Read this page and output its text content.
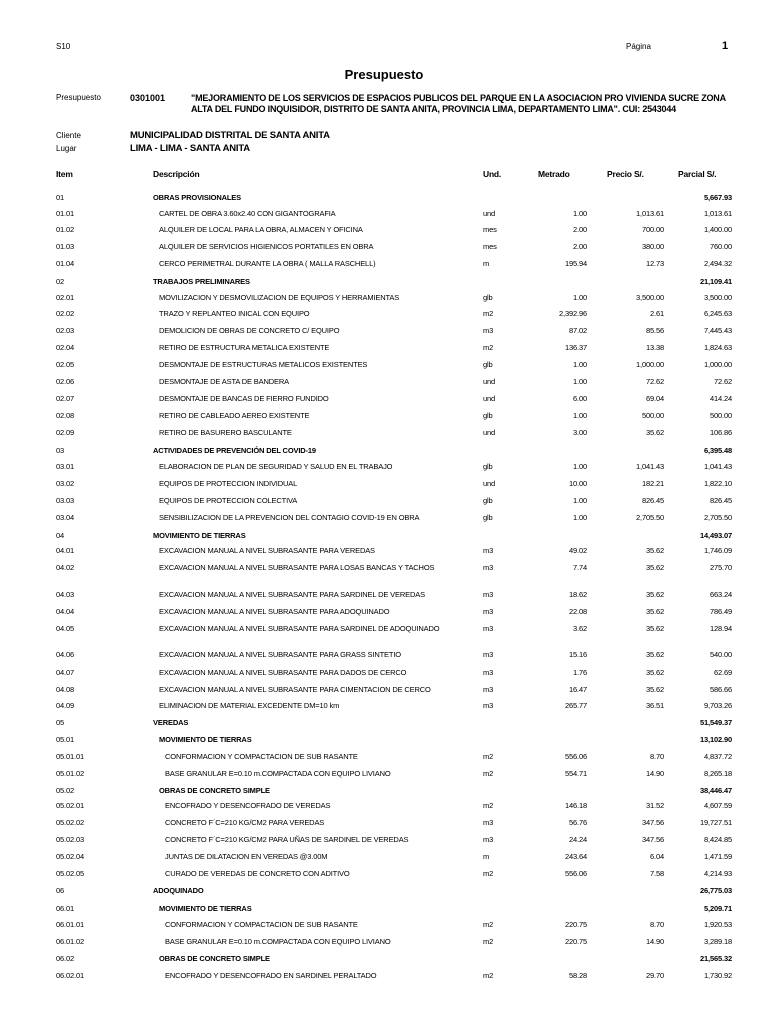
S10	Página	1
Presupuesto
Presupuesto	0301001	"MEJORAMIENTO DE LOS SERVICIOS DE ESPACIOS PUBLICOS DEL PARQUE EN LA ASOCIACION PRO VIVIENDA SUCRE ZONA ALTA DEL FUNDO INQUISIDOR, DISTRITO DE SANTA ANITA, PROVINCIA LIMA, DEPARTAMENTO LIMA". CUI: 2543044
Cliente	MUNICIPALIDAD DISTRITAL DE SANTA ANITA
Lugar	LIMA - LIMA - SANTA ANITA
Item	Descripción	Und.	Metrado	Precio S/.	Parcial S/.
01	OBRAS PROVISIONALES	5,667.93
01.01	CARTEL DE OBRA 3.60x2.40 CON GIGANTOGRAFIA	und	1.00	1,013.61	1,013.61
01.02	ALQUILER DE LOCAL PARA LA OBRA, ALMACEN Y OFICINA	mes	2.00	700.00	1,400.00
01.03	ALQUILER DE SERVICIOS HIGIENICOS PORTATILES EN OBRA	mes	2.00	380.00	760.00
01.04	CERCO PERIMETRAL DURANTE LA OBRA ( MALLA RASCHELL)	m	195.94	12.73	2,494.32
02	TRABAJOS PRELIMINARES	21,109.41
02.01	MOVILIZACION Y DESMOVILIZACION DE EQUIPOS Y HERRAMIENTAS	glb	1.00	3,500.00	3,500.00
02.02	TRAZO Y REPLANTEO INICAL CON EQUIPO	m2	2,392.96	2.61	6,245.63
02.03	DEMOLICION DE OBRAS DE CONCRETO C/ EQUIPO	m3	87.02	85.56	7,445.43
02.04	RETIRO DE ESTRUCTURA METALICA EXISTENTE	m2	136.37	13.38	1,824.63
02.05	DESMONTAJE DE ESTRUCTURAS METALICOS EXISTENTES	glb	1.00	1,000.00	1,000.00
02.06	DESMONTAJE DE ASTA DE BANDERA	und	1.00	72.62	72.62
02.07	DESMONTAJE DE BANCAS DE FIERRO FUNDIDO	und	6.00	69.04	414.24
02.08	RETIRO DE CABLEADO AEREO EXISTENTE	glb	1.00	500.00	500.00
02.09	RETIRO DE BASURERO BASCULANTE	und	3.00	35.62	106.86
03	ACTIVIDADES DE PREVENCIÓN DEL COVID-19	6,395.48
03.01	ELABORACION DE PLAN DE SEGURIDAD Y SALUD EN EL TRABAJO	glb	1.00	1,041.43	1,041.43
03.02	EQUIPOS DE PROTECCION INDIVIDUAL	und	10.00	182.21	1,822.10
03.03	EQUIPOS DE PROTECCION COLECTIVA	glb	1.00	826.45	826.45
03.04	SENSIBILIZACION DE LA PREVENCION DEL CONTAGIO COVID-19 EN OBRA	glb	1.00	2,705.50	2,705.50
04	MOVIMIENTO DE TIERRAS	14,493.07
04.01	EXCAVACION MANUAL A NIVEL SUBRASANTE PARA VEREDAS	m3	49.02	35.62	1,746.09
04.02	EXCAVACION MANUAL A NIVEL SUBRASANTE PARA LOSAS BANCAS Y TACHOS	m3	7.74	35.62	275.70
04.03	EXCAVACION MANUAL A NIVEL SUBRASANTE PARA SARDINEL DE VEREDAS	m3	18.62	35.62	663.24
04.04	EXCAVACION MANUAL A NIVEL SUBRASANTE PARA ADOQUINADO	m3	22.08	35.62	786.49
04.05	EXCAVACION MANUAL A NIVEL SUBRASANTE PARA SARDINEL DE ADOQUINADO	m3	3.62	35.62	128.94
04.06	EXCAVACION MANUAL A NIVEL SUBRASANTE PARA GRASS SINTETIO	m3	15.16	35.62	540.00
04.07	EXCAVACION MANUAL A NIVEL SUBRASANTE PARA DADOS DE CERCO	m3	1.76	35.62	62.69
04.08	EXCAVACION MANUAL A NIVEL SUBRASANTE PARA CIMENTACION DE CERCO	m3	16.47	35.62	586.66
04.09	ELIMINACION DE MATERIAL EXCEDENTE DM=10 km	m3	265.77	36.51	9,703.26
05	VEREDAS	51,549.37
05.01	MOVIMIENTO DE TIERRAS	13,102.90
05.01.01	CONFORMACION Y COMPACTACION DE SUB RASANTE	m2	556.06	8.70	4,837.72
05.01.02	BASE GRANULAR E=0.10 m.COMPACTADA CON EQUIPO LIVIANO	m2	554.71	14.90	8,265.18
05.02	OBRAS DE CONCRETO SIMPLE	38,446.47
05.02.01	ENCOFRADO Y DESENCOFRADO DE VEREDAS	m2	146.18	31.52	4,607.59
05.02.02	CONCRETO F´C=210 KG/CM2 PARA VEREDAS	m3	56.76	347.56	19,727.51
05.02.03	CONCRETO F´C=210 KG/CM2 PARA UÑAS DE SARDINEL DE VEREDAS	m3	24.24	347.56	8,424.85
05.02.04	JUNTAS DE DILATACION EN VEREDAS @3.00M	m	243.64	6.04	1,471.59
05.02.05	CURADO DE VEREDAS DE CONCRETO CON ADITIVO	m2	556.06	7.58	4,214.93
06	ADOQUINADO	26,775.03
06.01	MOVIMIENTO DE TIERRAS	5,209.71
06.01.01	CONFORMACION Y COMPACTACION DE SUB RASANTE	m2	220.75	8.70	1,920.53
06.01.02	BASE GRANULAR E=0.10 m.COMPACTADA CON EQUIPO LIVIANO	m2	220.75	14.90	3,289.18
06.02	OBRAS DE CONCRETO SIMPLE	21,565.32
06.02.01	ENCOFRADO Y DESENCOFRADO EN SARDINEL PERALTADO	m2	58.28	29.70	1,730.92
